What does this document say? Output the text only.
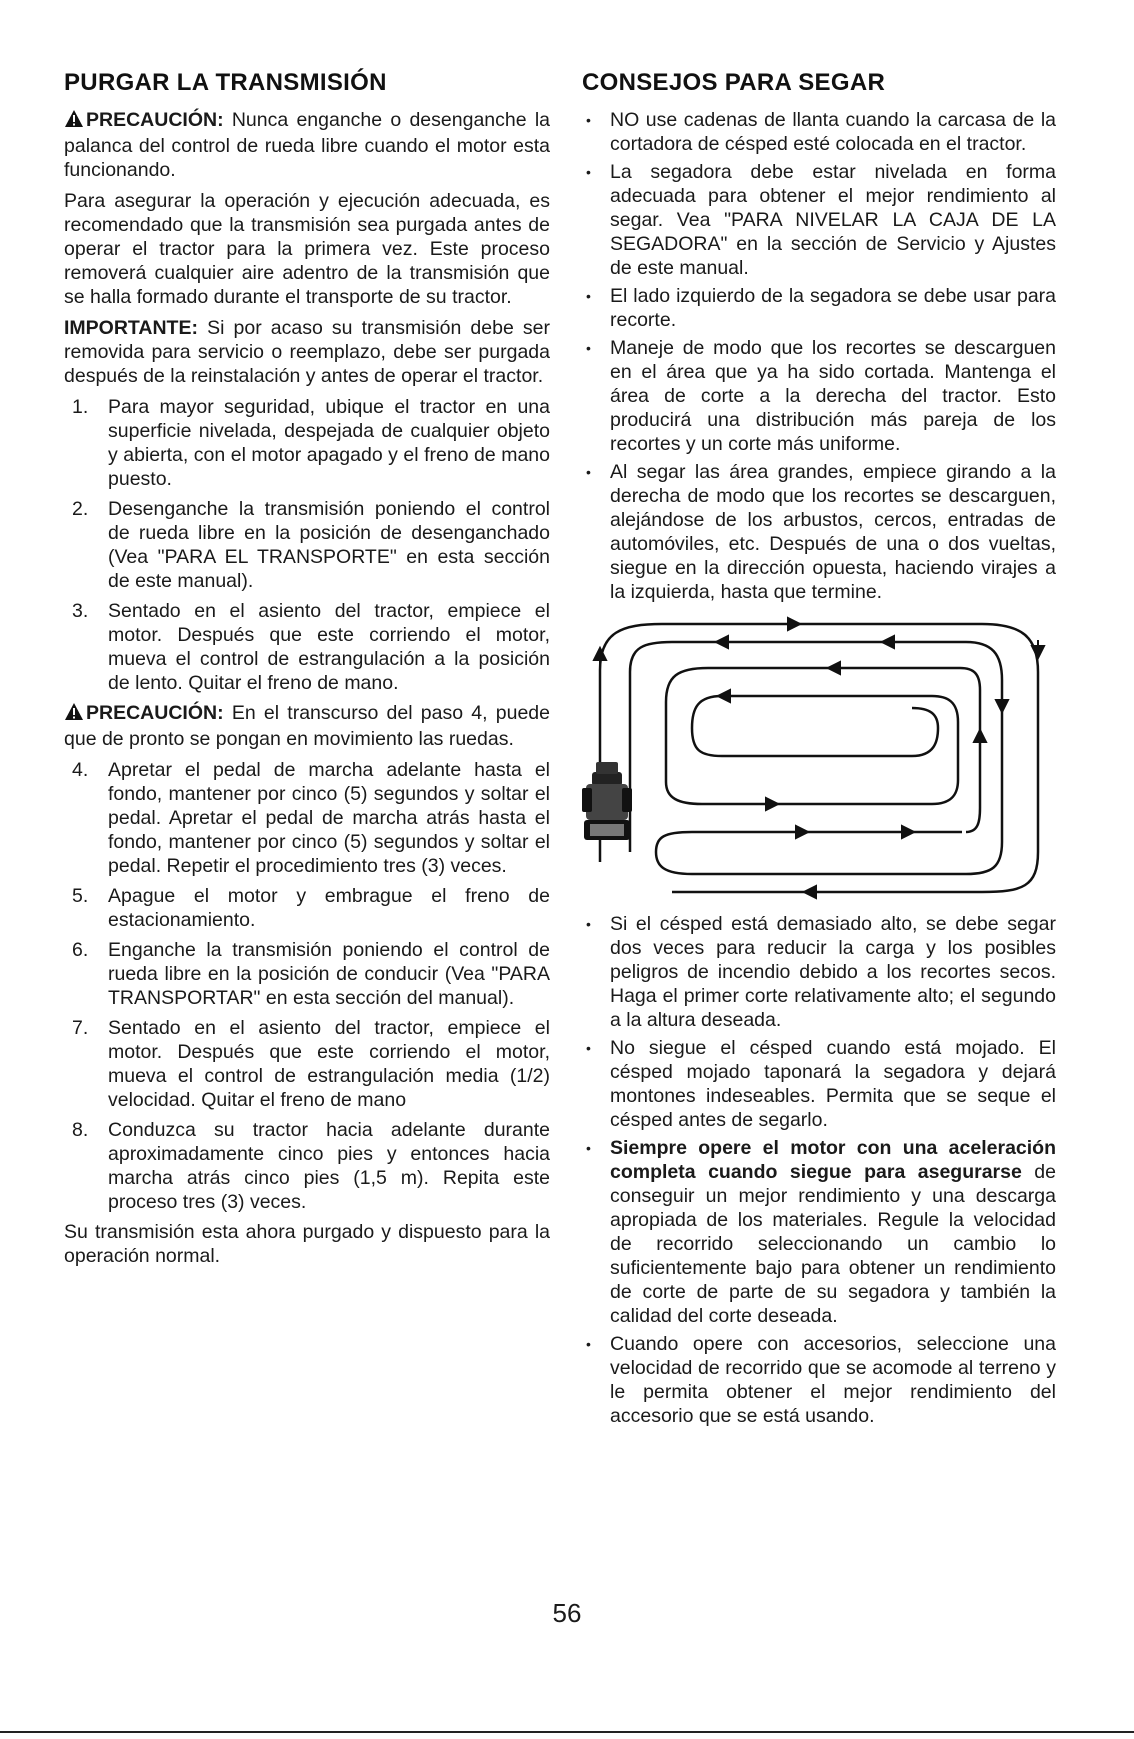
PURGAR LA TRANSMISIÓN

PRECAUCIÓN: Nunca enganche o desenganche la palanca del control de rueda libre cuando el motor esta funcionando.

Para asegurar la operación y ejecución adecuada, es recomendado que la transmisión sea purgada antes de operar el tractor para la primera vez. Este proceso removerá cualquier aire adentro de la transmisión que se halla formado durante el transporte de su tractor.

IMPORTANTE: Si por acaso su transmisión debe ser removida para servicio o reemplazo, debe ser purgada después de la reinstalación y antes de operar el tractor.

1. Para mayor seguridad, ubique el tractor en una superficie nivelada, despejada de cualquier objeto y abierta, con el motor apagado y el freno de mano puesto.
2. Desenganche la transmisión poniendo el control de rueda libre en la posición de desenganchado (Vea "PARA EL TRANSPORTE" en esta sección de este manual).
3. Sentado en el asiento del tractor, empiece el motor. Después que este corriendo el motor, mueva el control de estrangulación a la posición de lento. Quitar el freno de mano.

PRECAUCIÓN: En el transcurso del paso 4, puede que de pronto se pongan en movimiento las ruedas.

4. Apretar el pedal de marcha adelante hasta el fondo, mantener por cinco (5) segundos y soltar el pedal. Apretar el pedal de marcha atrás hasta el fondo, mantener por cinco (5) segundos y soltar el pedal. Repetir el procedimiento tres (3) veces.
5. Apague el motor y embrague el freno de estacionamiento.
6. Enganche la transmisión poniendo el control de rueda libre en la posición de conducir (Vea "PARA TRANSPORTAR" en esta sección del manual).
7. Sentado en el asiento del tractor, empiece el motor. Después que este corriendo el motor, mueva el control de estrangulación media (1/2) velocidad. Quitar el freno de mano
8. Conduzca su tractor hacia adelante durante aproximadamente cinco pies y entonces hacia marcha atrás cinco pies (1,5 m). Repita este proceso tres (3) veces.

Su transmisión esta ahora purgado y dispuesto para la operación normal.

CONSEJOS PARA SEGAR
• NO use cadenas de llanta cuando la carcasa de la cortadora de césped esté colocada en el tractor.
• La segadora debe estar nivelada en forma adecuada para obtener el mejor rendimiento al segar. Vea "PARA NIVELAR LA CAJA DE LA SEGADORA" en la sección de Servicio y Ajustes de este manual.
• El lado izquierdo de la segadora se debe usar para recorte.
• Maneje de modo que los recortes se descarguen en el área que ya ha sido cortada. Mantenga el área de corte a la derecha del tractor. Esto producirá una distribución más pareja de los recortes y un corte más uniforme.
• Al segar las área grandes, empiece girando a la derecha de modo que los recortes se descarguen, alejándose de los arbustos, cercos, entradas de automóviles, etc. Después de una o dos vueltas, siegue en la dirección opuesta, haciendo virajes a la izquierda, hasta que termine.
• Si el césped está demasiado alto, se debe segar dos veces para reducir la carga y los posibles peligros de incendio debido a los recortes secos. Haga el primer corte relativamente alto; el segundo a la altura deseada.
• No siegue el césped cuando está mojado. El césped mojado taponará la segadora y dejará montones indeseables. Permita que se seque el césped antes de segarlo.
• Siempre opere el motor con una aceleración completa cuando siegue para asegurarse de conseguir un mejor rendimiento y una descarga apropiada de los materiales. Regule la velocidad de recorrido seleccionando un cambio lo suficientemente bajo para obtener un rendimiento de corte de parte de su segadora y también la calidad del corte deseada.
• Cuando opere con accesorios, seleccione una velocidad de recorrido que se acomode al terreno y le permita obtener el mejor rendimiento del accesorio que se está usando.
56
